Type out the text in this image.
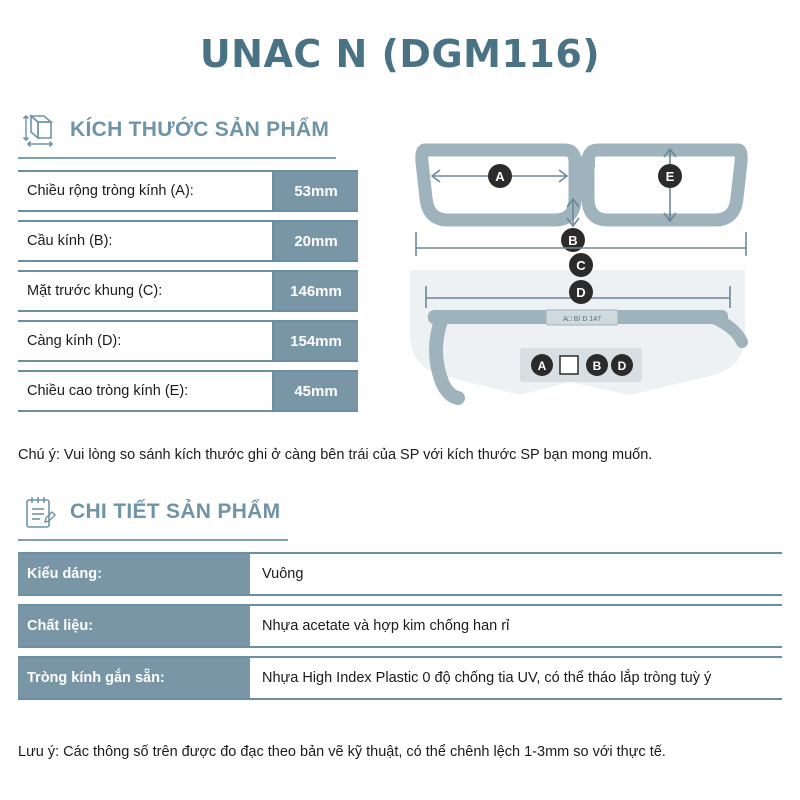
UNAC N (DGM116)
KÍCH THƯỚC SẢN PHẨM
Chiều rộng tròng kính (A):	53mm
Cầu kính (B):	20mm
Mặt trước khung (C):	146mm
Càng kính (D):	154mm
Chiều cao tròng kính (E):	45mm
A
B
E
C
D
A□ B/ D 147
A	B D
Chú ý: Vui lòng so sánh kích thước ghi ở càng bên trái của SP với kích thước SP bạn mong muốn.
CHI TIẾT SẢN PHẨM
Kiểu dáng:	Vuông
Chất liệu:	Nhựa acetate và hợp kim chống han rỉ
Tròng kính gắn sẵn:	Nhựa High Index Plastic 0 độ chống tia UV, có thể tháo lắp tròng tuỳ ý
Lưu ý: Các thông số trên được đo đạc theo bản vẽ kỹ thuật, có thể chênh lệch 1-3mm so với thực tế.
